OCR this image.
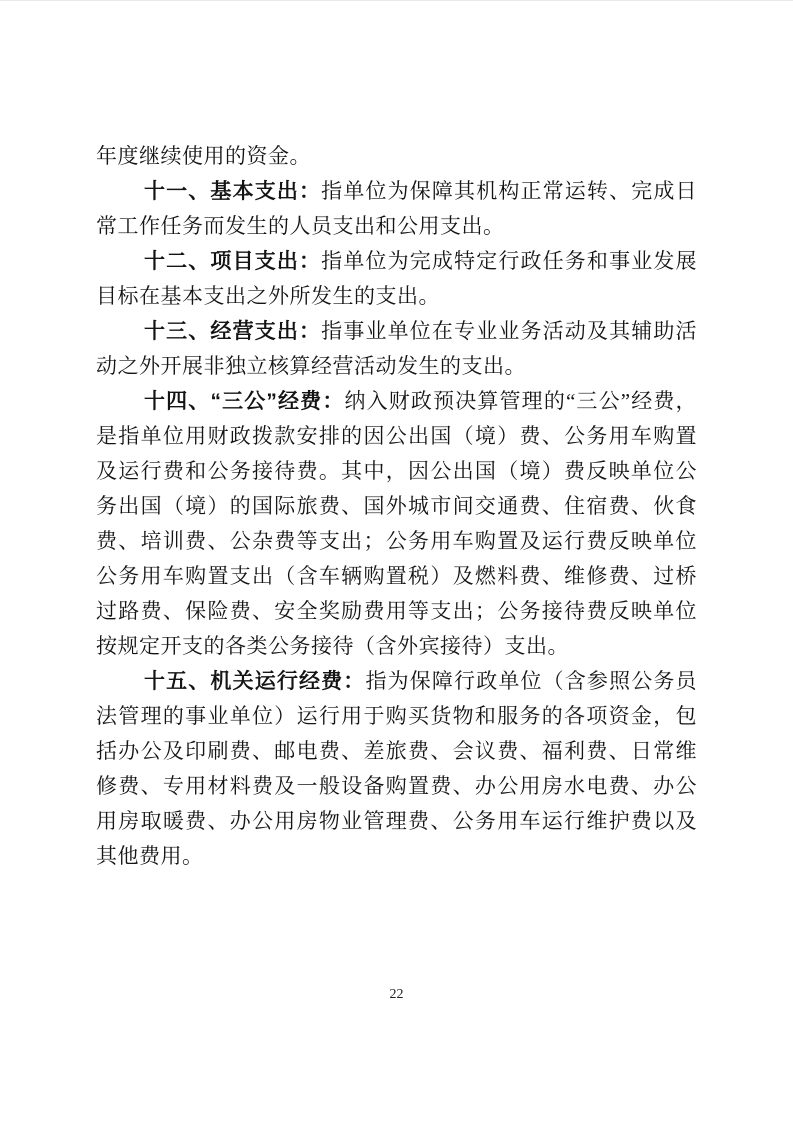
年度继续使用的资金。

十一、基本支出：指单位为保障其机构正常运转、完成日常工作任务而发生的人员支出和公用支出。

十二、项目支出：指单位为完成特定行政任务和事业发展目标在基本支出之外所发生的支出。

十三、经营支出：指事业单位在专业业务活动及其辅助活动之外开展非独立核算经营活动发生的支出。

十四、“三公”经费：纳入财政预决算管理的“三公”经费，是指单位用财政拨款安排的因公出国（境）费、公务用车购置及运行费和公务接待费。其中，因公出国（境）费反映单位公务出国（境）的国际旅费、国外城市间交通费、住宿费、伙食费、培训费、公杂费等支出；公务用车购置及运行费反映单位公务用车购置支出（含车辆购置税）及燃料费、维修费、过桥过路费、保险费、安全奖励费用等支出；公务接待费反映单位按规定开支的各类公务接待（含外宾接待）支出。

十五、机关运行经费：指为保障行政单位（含参照公务员法管理的事业单位）运行用于购买货物和服务的各项资金，包括办公及印刷费、邮电费、差旅费、会议费、福利费、日常维修费、专用材料费及一般设备购置费、办公用房水电费、办公用房取暖费、办公用房物业管理费、公务用车运行维护费以及其他费用。

22
